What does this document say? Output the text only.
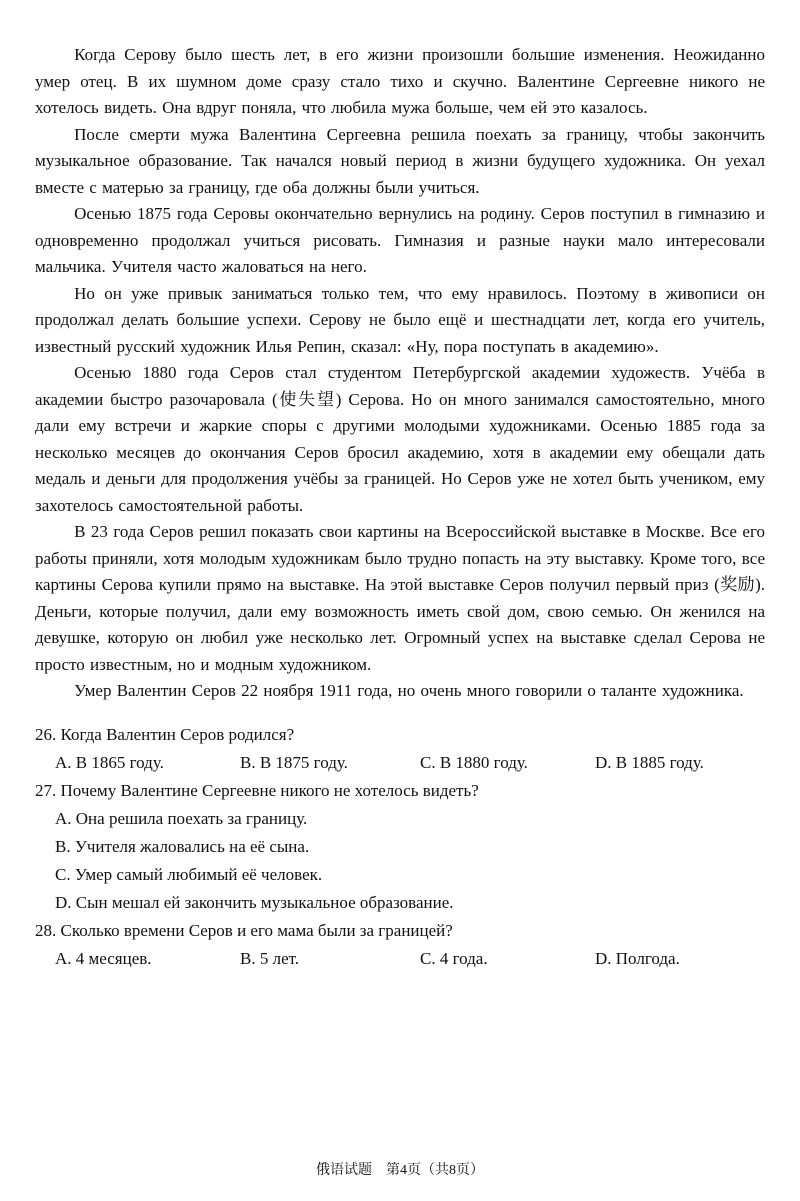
Когда Серову было шесть лет, в его жизни произошли большие изменения. Неожиданно умер отец. В их шумном доме сразу стало тихо и скучно. Валентине Сергеевне никого не хотелось видеть. Она вдруг поняла, что любила мужа больше, чем ей это казалось.

После смерти мужа Валентина Сергеевна решила поехать за границу, чтобы закончить музыкальное образование. Так начался новый период в жизни будущего художника. Он уехал вместе с матерью за границу, где оба должны были учиться.

Осенью 1875 года Серовы окончательно вернулись на родину. Серов поступил в гимназию и одновременно продолжал учиться рисовать. Гимназия и разные науки мало интересовали мальчика. Учителя часто жаловаться на него.

Но он уже привык заниматься только тем, что ему нравилось. Поэтому в живописи он продолжал делать большие успехи. Серову не было ещё и шестнадцати лет, когда его учитель, известный русский художник Илья Репин, сказал: «Ну, пора поступать в академию».

Осенью 1880 года Серов стал студентом Петербургской академии художеств. Учёба в академии быстро разочаровала (使失望) Серова. Но он много занимался самостоятельно, много дали ему встречи и жаркие споры с другими молодыми художниками. Осенью 1885 года за несколько месяцев до окончания Серов бросил академию, хотя в академии ему обещали дать медаль и деньги для продолжения учёбы за границей. Но Серов уже не хотел быть учеником, ему захотелось самостоятельной работы.

В 23 года Серов решил показать свои картины на Всероссийской выставке в Москве. Все его работы приняли, хотя молодым художникам было трудно попасть на эту выставку. Кроме того, все картины Серова купили прямо на выставке. На этой выставке Серов получил первый приз (奖励). Деньги, которые получил, дали ему возможность иметь свой дом, свою семью. Он женился на девушке, которую он любил уже несколько лет. Огромный успех на выставке сделал Серова не просто известным, но и модным художником.

Умер Валентин Серов 22 ноября 1911 года, но очень много говорили о таланте художника.

26. Когда Валентин Серов родился?
A. В 1865 году.	B. В 1875 году.	C. В 1880 году.	D. В 1885 году.
27. Почему Валентине Сергеевне никого не хотелось видеть?
A. Она решила поехать за границу.
B. Учителя жаловались на её сына.
C. Умер самый любимый её человек.
D. Сын мешал ей закончить музыкальное образование.
28. Сколько времени Серов и его мама были за границей?
A. 4 месяцев.	B. 5 лет.	C. 4 года.	D. Полгода.
俄语试题　第4页（共8页）
